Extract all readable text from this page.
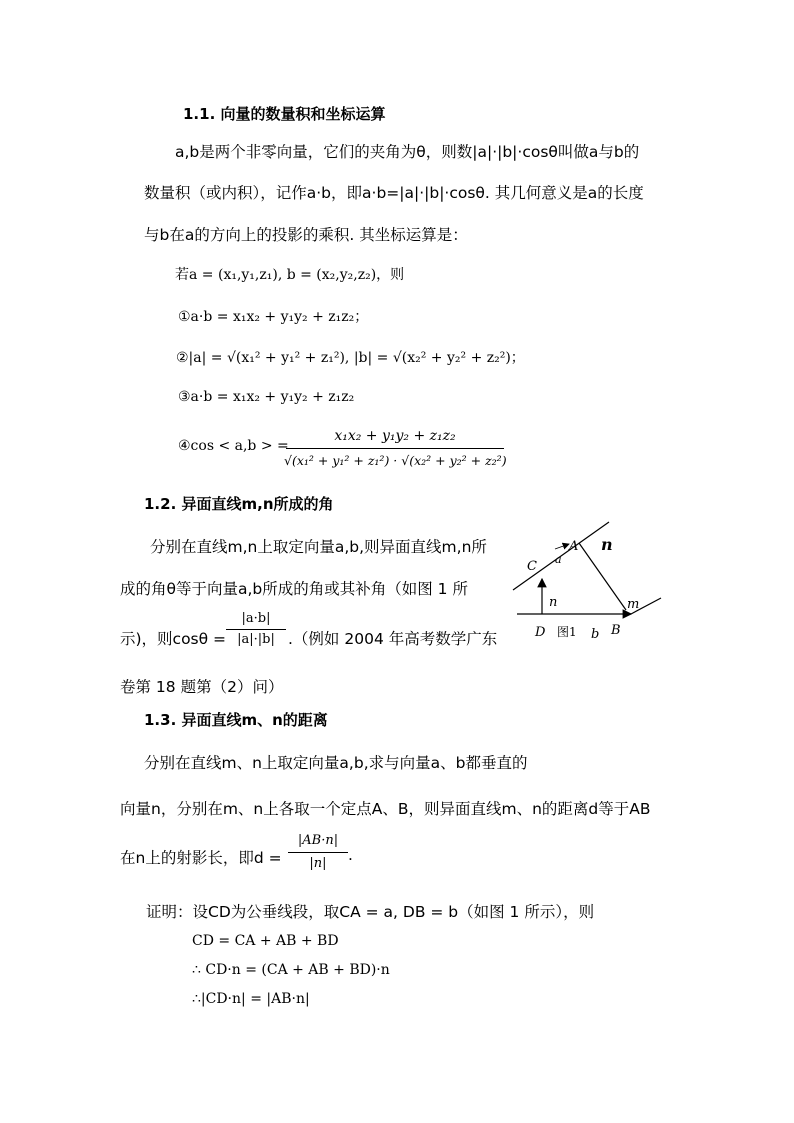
1.1. 向量的数量积和坐标运算
a,b是两个非零向量，它们的夹角为θ，则数|a|·|b|·cosθ叫做a与b的
数量积（或内积），记作a·b，即a·b=|a|·|b|·cosθ. 其几何意义是a的长度
与b在a的方向上的投影的乘积. 其坐标运算是：
若a = (x₁,y₁,z₁), b = (x₂,y₂,z₂)，则
①a·b = x₁x₂ + y₁y₂ + z₁z₂；
②|a| = √(x₁² + y₁² + z₁²), |b| = √(x₂² + y₂² + z₂²)；
③a·b = x₁x₂ + y₁y₂ + z₁z₂
④cos < a,b > =
x₁x₂ + y₁y₂ + z₁z₂
√(x₁² + y₁² + z₁²) · √(x₂² + y₂² + z₂²)
1.2. 异面直线m,n所成的角
分别在直线m,n上取定向量a,b,则异面直线m,n所
成的角θ等于向量a,b所成的角或其补角（如图 1 所
示)，则cosθ =
|a·b|
|a|·|b| .（例如 2004 年高考数学广东
卷第 18 题第（2）问）
n
A
C a
n	m
D 图1 b B
1.3. 异面直线m、n的距离
分别在直线m、n上取定向量a,b,求与向量a、b都垂直的
向量n，分别在m、n上各取一个定点A、B，则异面直线m、n的距离d等于AB
在n上的射影长，即d =
|AB·n|
|n|	.
证明：设CD为公垂线段，取CA = a, DB = b（如图 1 所示），则
CD = CA + AB + BD
∴ CD·n = (CA + AB + BD)·n
∴|CD·n| = |AB·n|
